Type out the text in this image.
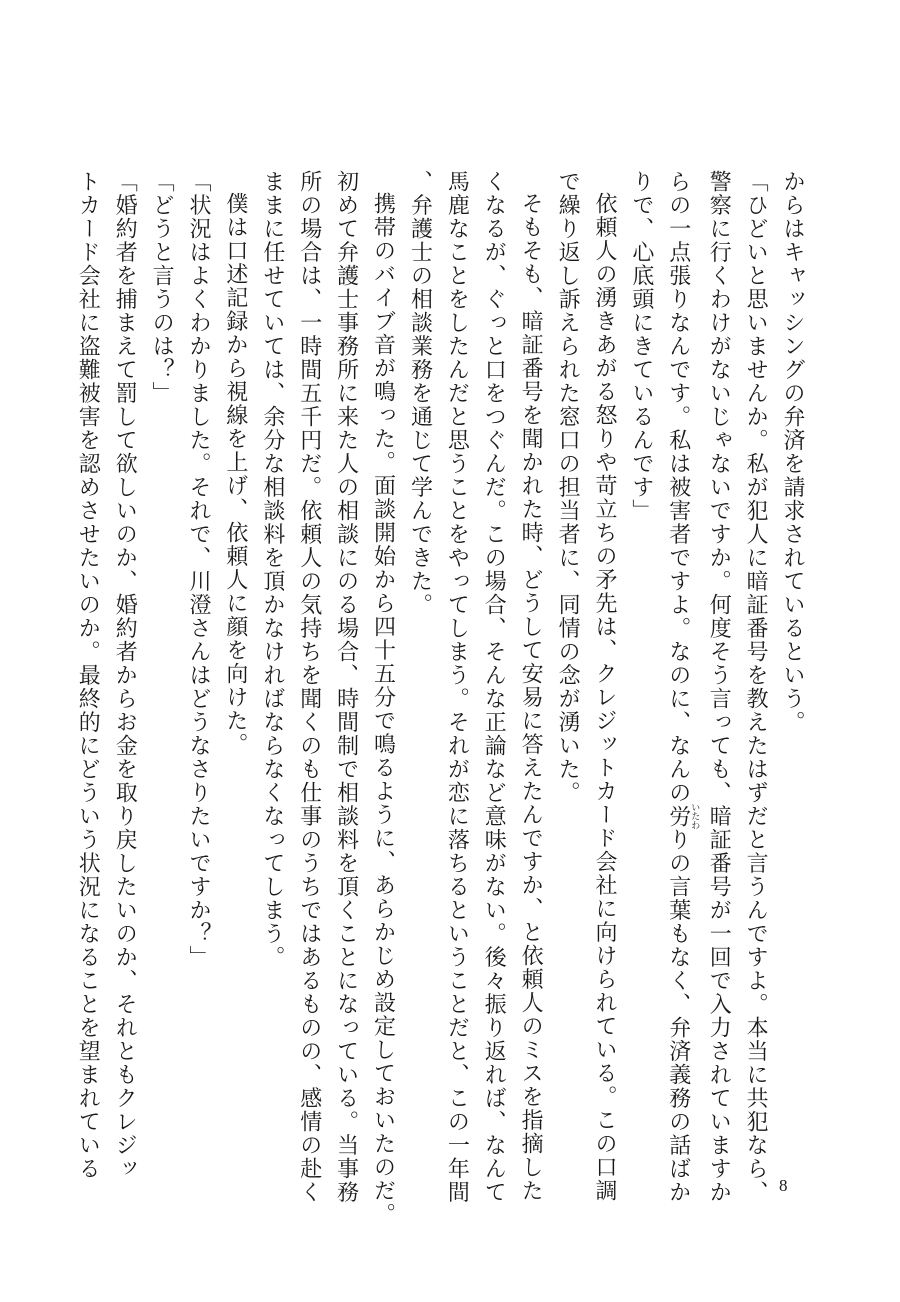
からはキャッシングの弁済を請求されているという。
「ひどいと思いませんか。私が犯人に暗証番号を教えたはずだと言うんですよ。本当に共犯なら、
警察に行くわけがないじゃないですか。何度そう言っても、暗証番号が一回で入力されていますか
らの一点張りなんです。私は被害者ですよ。なのに、なんの労いたわりの言葉もなく、弁済義務の話ばか
りで、心底頭にきているんです」
依頼人の湧きあがる怒りや苛立ちの矛先は、クレジットカード会社に向けられている。この口調
で繰り返し訴えられた窓口の担当者に、同情の念が湧いた。
そもそも、暗証番号を聞かれた時、どうして安易に答えたんですか、と依頼人のミスを指摘した
くなるが、ぐっと口をつぐんだ。この場合、そんな正論など意味がない。後々振り返れば、なんて
馬鹿なことをしたんだと思うことをやってしまう。それが恋に落ちるということだと、この一年間
、弁護士の相談業務を通じて学んできた。
携帯のバイブ音が鳴った。面談開始から四十五分で鳴るように、あらかじめ設定しておいたのだ。
初めて弁護士事務所に来た人の相談にのる場合、時間制で相談料を頂くことになっている。当事務
所の場合は、一時間五千円だ。依頼人の気持ちを聞くのも仕事のうちではあるものの、感情の赴く
ままに任せていては、余分な相談料を頂かなければならなくなってしまう。
僕は口述記録から視線を上げ、依頼人に顔を向けた。
「状況はよくわかりました。それで、川澄さんはどうなさりたいですか？」
「どうと言うのは？」
「婚約者を捕まえて罰して欲しいのか、婚約者からお金を取り戻したいのか、それともクレジッ
トカード会社に盗難被害を認めさせたいのか。最終的にどういう状況になることを望まれている
8
